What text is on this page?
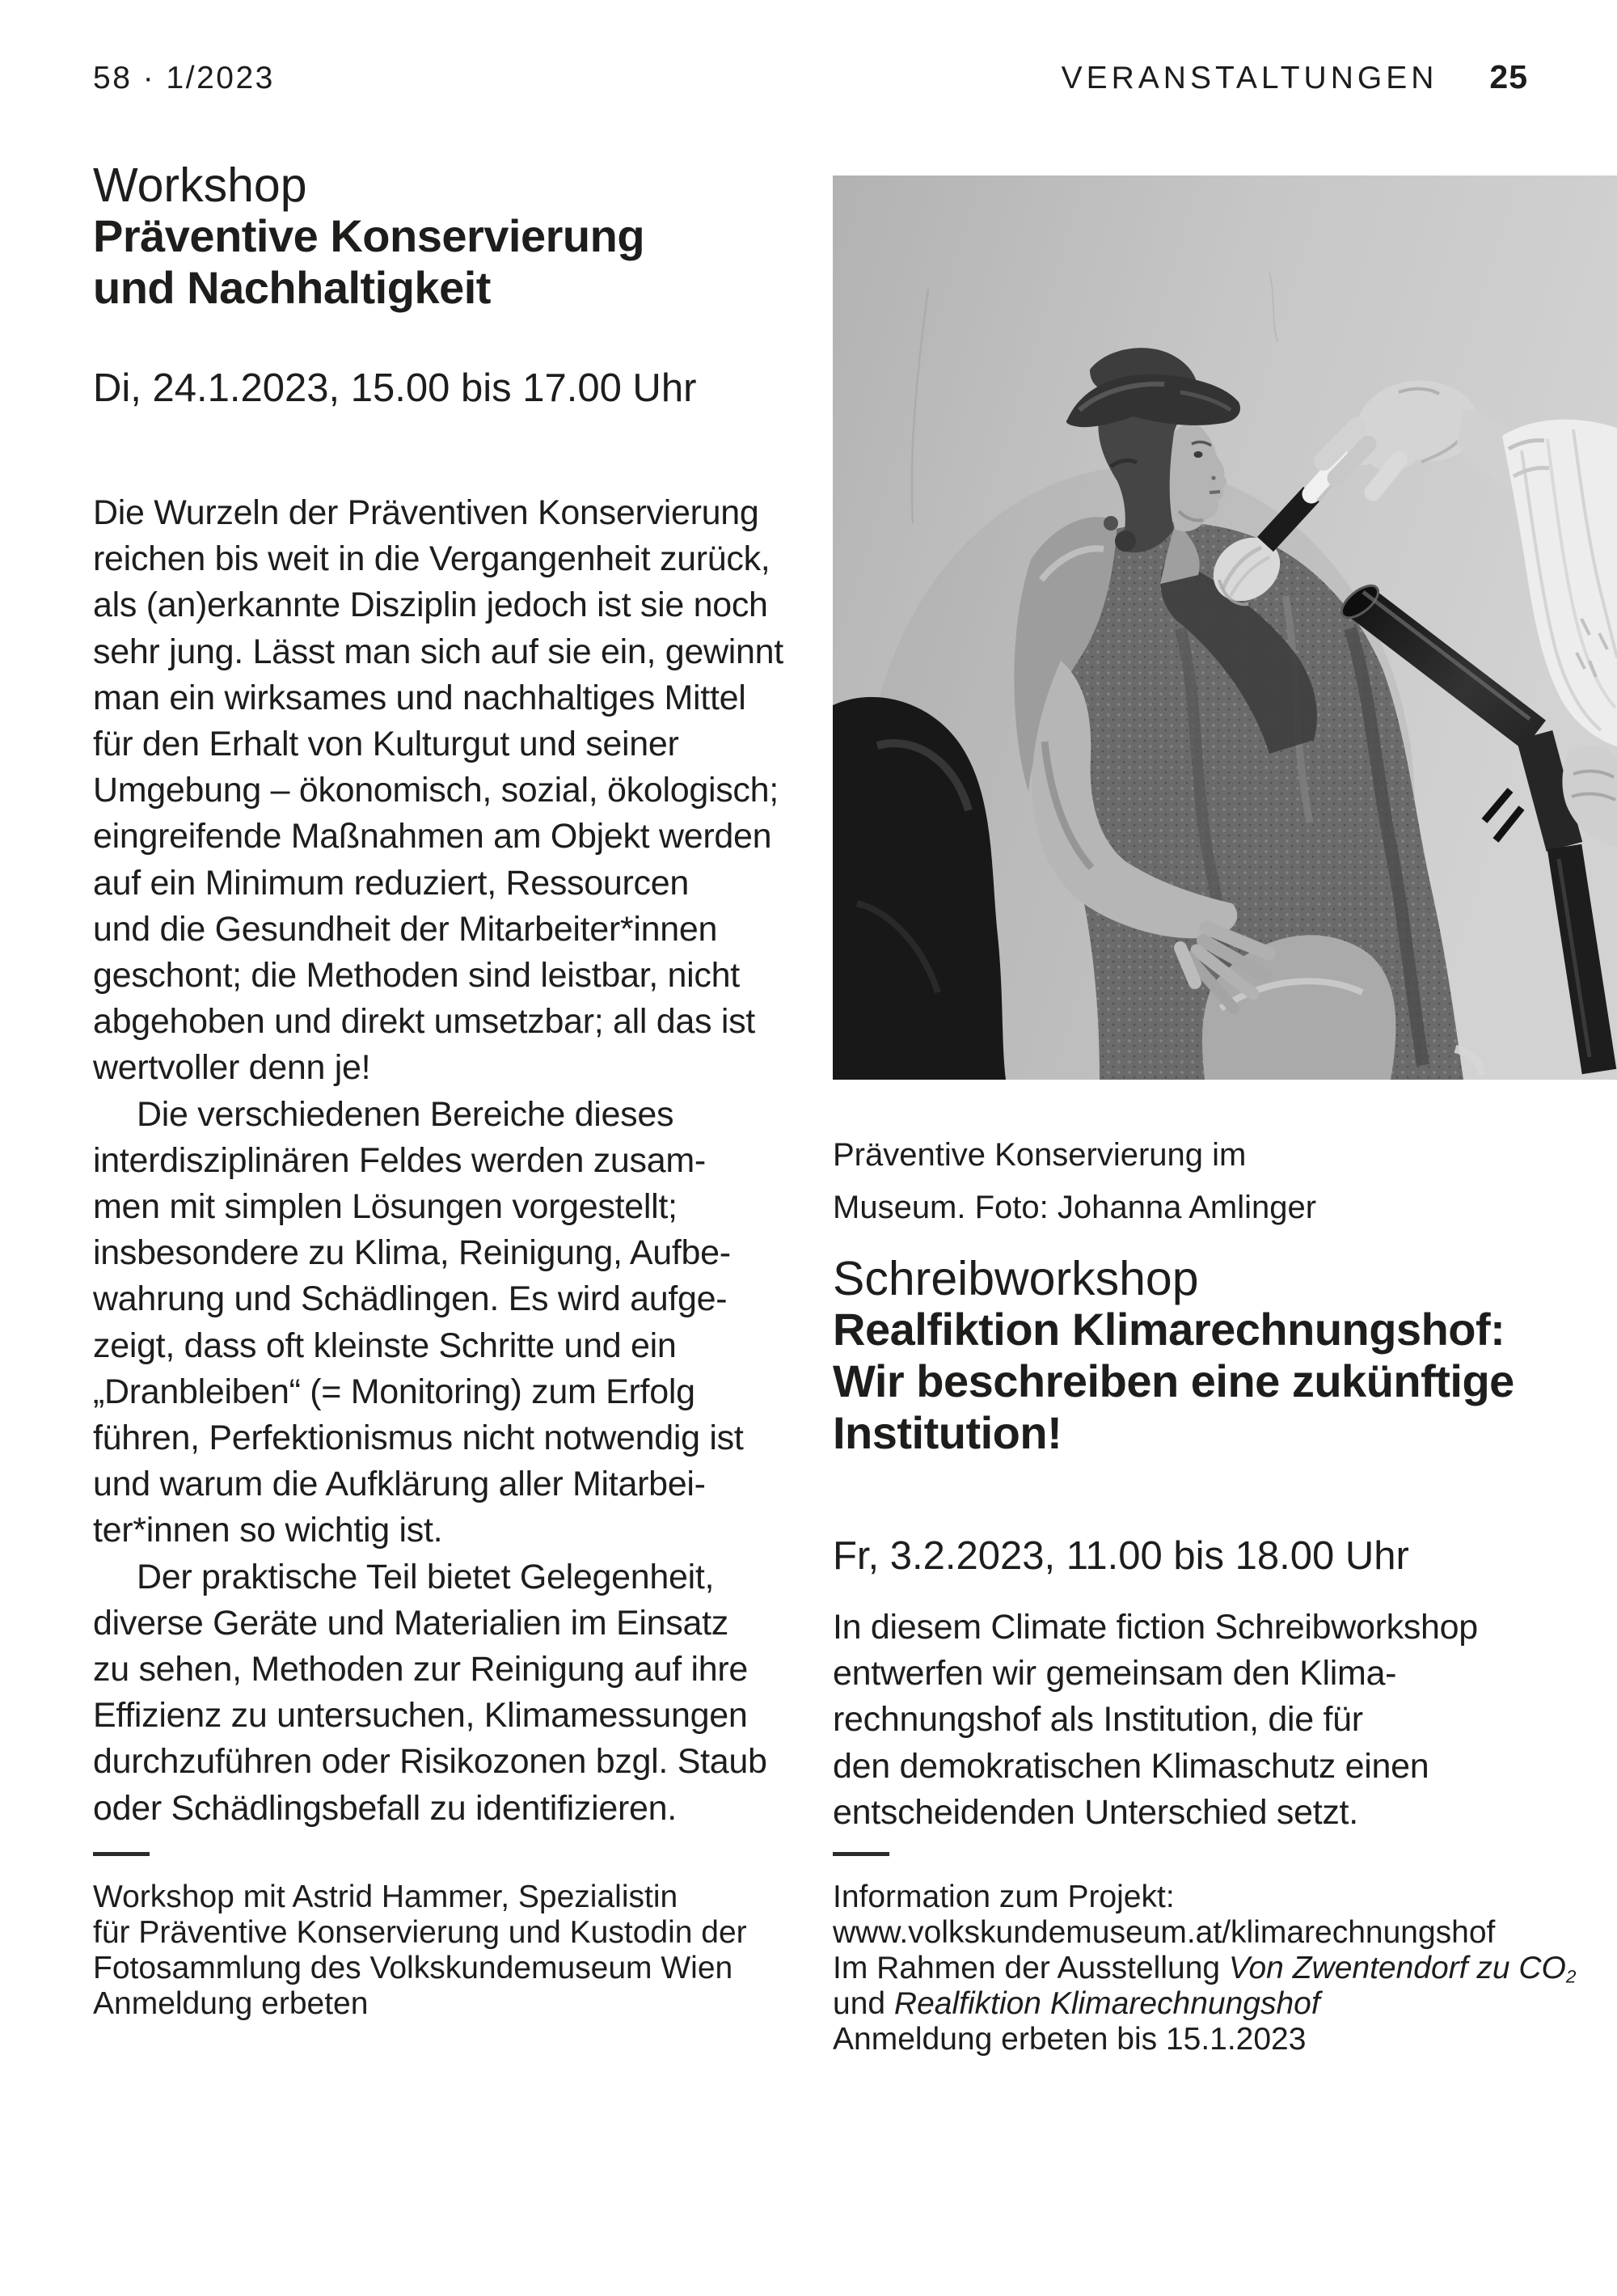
58 · 1/2023	VERANSTALTUNGEN 25
Workshop
Präventive Konservierung
und Nachhaltigkeit
Di, 24.1.2023, 15.00 bis 17.00 Uhr
Die Wurzeln der Präventiven Konservierung
reichen bis weit in die Vergangenheit zurück,
als (an)erkannte Disziplin jedoch ist sie noch
sehr jung. Lässt man sich auf sie ein, gewinnt
man ein wirksames und nachhaltiges Mittel
für den Erhalt von Kulturgut und seiner
Umgebung – ökonomisch, sozial, ökologisch;
eingreifende Maßnahmen am Objekt werden
auf ein Minimum reduziert, Ressourcen
und die Gesundheit der Mitarbeiter*innen
geschont; die Methoden sind leistbar, nicht
abgehoben und direkt umsetzbar; all das ist
wertvoller denn je!
Die verschiedenen Bereiche dieses
interdisziplinären Feldes werden zusam-
men mit simplen Lösungen vorgestellt;
insbesondere zu Klima, Reinigung, Aufbe-
wahrung und Schädlingen. Es wird aufge-
zeigt, dass oft kleinste Schritte und ein
„Dranbleiben“ (= Monitoring) zum Erfolg
führen, Perfektionismus nicht notwendig ist
und warum die Aufklärung aller Mitarbei-
ter*innen so wichtig ist.
Der praktische Teil bietet Gelegenheit,
diverse Geräte und Materialien im Einsatz
zu sehen, Methoden zur Reinigung auf ihre
Effizienz zu untersuchen, Klimamessungen
durchzuführen oder Risikozonen bzgl. Staub
oder Schädlingsbefall zu identifizieren.
Workshop mit Astrid Hammer, Spezialistin
für Präventive Konservierung und Kustodin der
Fotosammlung des Volkskundemuseum Wien
Anmeldung erbeten
Präventive Konservierung im
Museum. Foto: Johanna Amlinger
Schreibworkshop
Realfiktion Klimarechnungshof:
Wir beschreiben eine zukünftige
Institution!
Fr, 3.2.2023, 11.00 bis 18.00 Uhr
In diesem Climate fiction Schreibworkshop
entwerfen wir gemeinsam den Klima-
rechnungshof als Institution, die für
den demokratischen Klimaschutz einen
entscheidenden Unterschied setzt.
Information zum Projekt:
www.volkskundemuseum.at/klimarechnungshof
Im Rahmen der Ausstellung Von Zwentendorf zu $CO_2$
und Realfiktion Klimarechnungshof
Anmeldung erbeten bis 15.1.2023
